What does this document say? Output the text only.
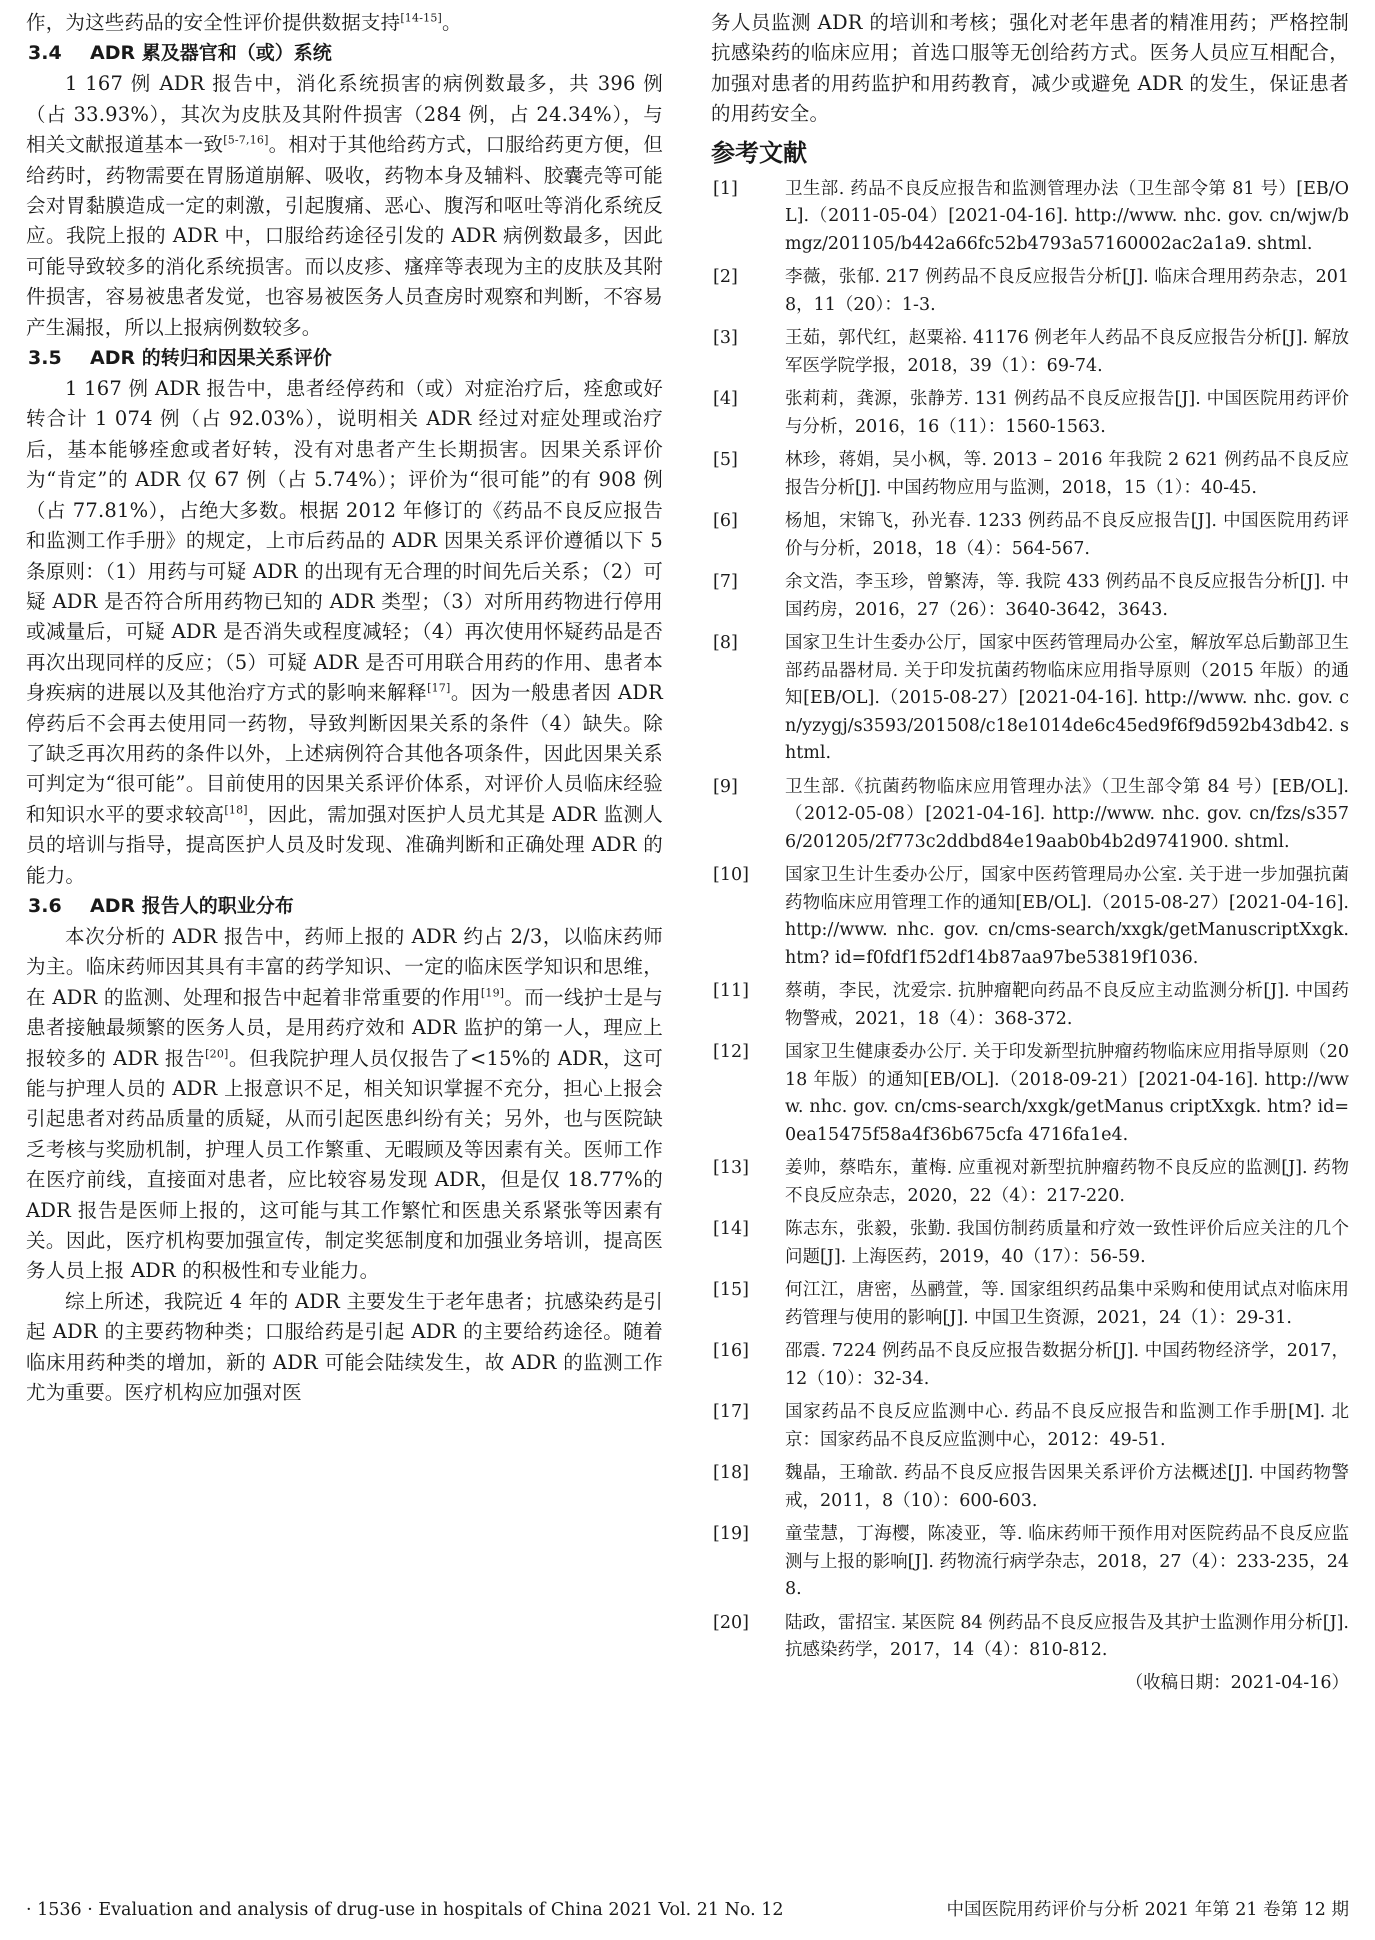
作，为这些药品的安全性评价提供数据支持[14-15]。

3.4 ADR 累及器官和（或）系统

1 167 例 ADR 报告中，消化系统损害的病例数最多，共 396 例（占 33.93%），其次为皮肤及其附件损害（284 例，占 24.34%），与相关文献报道基本一致[5-7,16]。相对于其他给药方式，口服给药更方便，但给药时，药物需要在胃肠道崩解、吸收，药物本身及辅料、胶囊壳等可能会对胃黏膜造成一定的刺激，引起腹痛、恶心、腹泻和呕吐等消化系统反应。我院上报的 ADR 中，口服给药途径引发的 ADR 病例数最多，因此可能导致较多的消化系统损害。而以皮疹、瘙痒等表现为主的皮肤及其附件损害，容易被患者发觉，也容易被医务人员查房时观察和判断，不容易产生漏报，所以上报病例数较多。

3.5 ADR 的转归和因果关系评价

1 167 例 ADR 报告中，患者经停药和（或）对症治疗后，痊愈或好转合计 1 074 例（占 92.03%），说明相关 ADR 经过对症处理或治疗后，基本能够痊愈或者好转，没有对患者产生长期损害。因果关系评价为“肯定”的 ADR 仅 67 例（占 5.74%）；评价为“很可能”的有 908 例（占 77.81%），占绝大多数。根据 2012 年修订的《药品不良反应报告和监测工作手册》的规定，上市后药品的 ADR 因果关系评价遵循以下 5 条原则：（1）用药与可疑 ADR 的出现有无合理的时间先后关系；（2）可疑 ADR 是否符合所用药物已知的 ADR 类型；（3）对所用药物进行停用或减量后，可疑 ADR 是否消失或程度减轻；（4）再次使用怀疑药品是否再次出现同样的反应；（5）可疑 ADR 是否可用联合用药的作用、患者本身疾病的进展以及其他治疗方式的影响来解释[17]。因为一般患者因 ADR 停药后不会再去使用同一药物，导致判断因果关系的条件（4）缺失。除了缺乏再次用药的条件以外，上述病例符合其他各项条件，因此因果关系可判定为“很可能”。目前使用的因果关系评价体系，对评价人员临床经验和知识水平的要求较高[18]，因此，需加强对医护人员尤其是 ADR 监测人员的培训与指导，提高医护人员及时发现、准确判断和正确处理 ADR 的能力。

3.6 ADR 报告人的职业分布

本次分析的 ADR 报告中，药师上报的 ADR 约占 2/3，以临床药师为主。临床药师因其具有丰富的药学知识、一定的临床医学知识和思维，在 ADR 的监测、处理和报告中起着非常重要的作用[19]。而一线护士是与患者接触最频繁的医务人员，是用药疗效和 ADR 监护的第一人，理应上报较多的 ADR 报告[20]。但我院护理人员仅报告了<15%的 ADR，这可能与护理人员的 ADR 上报意识不足，相关知识掌握不充分，担心上报会引起患者对药品质量的质疑，从而引起医患纠纷有关；另外，也与医院缺乏考核与奖励机制，护理人员工作繁重、无暇顾及等因素有关。医师工作在医疗前线，直接面对患者，应比较容易发现 ADR，但是仅 18.77%的 ADR 报告是医师上报的，这可能与其工作繁忙和医患关系紧张等因素有关。因此，医疗机构要加强宣传，制定奖惩制度和加强业务培训，提高医务人员上报 ADR 的积极性和专业能力。

综上所述，我院近 4 年的 ADR 主要发生于老年患者；抗感染药是引起 ADR 的主要药物种类；口服给药是引起 ADR 的主要给药途径。随着临床用药种类的增加，新的 ADR 可能会陆续发生，故 ADR 的监测工作尤为重要。医疗机构应加强对医

务人员监测 ADR 的培训和考核；强化对老年患者的精准用药；严格控制抗感染药的临床应用；首选口服等无创给药方式。医务人员应互相配合，加强对患者的用药监护和用药教育，减少或避免 ADR 的发生，保证患者的用药安全。

参考文献
[1]	卫生部. 药品不良反应报告和监测管理办法（卫生部令第 81 号）[EB/OL].（2011-05-04）[2021-04-16]. http://www. nhc. gov. cn/wjw/bmgz/201105/b442a66fc52b4793a57160002ac2a1a9. shtml.
[2]	李薇，张郁. 217 例药品不良反应报告分析[J]. 临床合理用药杂志，2018，11（20）：1-3.
[3]	王茹，郭代红，赵粟裕. 41176 例老年人药品不良反应报告分析[J]. 解放军医学院学报，2018，39（1）：69-74.
[4]	张莉莉，龚源，张静芳. 131 例药品不良反应报告[J]. 中国医院用药评价与分析，2016，16（11）：1560-1563.
[5]	林珍，蒋娟，吴小枫，等. 2013 – 2016 年我院 2 621 例药品不良反应报告分析[J]. 中国药物应用与监测，2018，15（1）：40-45.
[6]	杨旭，宋锦飞，孙光春. 1233 例药品不良反应报告[J]. 中国医院用药评价与分析，2018，18（4）：564-567.
[7]	余文浩，李玉珍，曾繁涛，等. 我院 433 例药品不良反应报告分析[J]. 中国药房，2016，27（26）：3640-3642，3643.
[8]	国家卫生计生委办公厅，国家中医药管理局办公室，解放军总后勤部卫生部药品器材局. 关于印发抗菌药物临床应用指导原则（2015 年版）的通知[EB/OL].（2015-08-27）[2021-04-16]. http://www. nhc. gov. cn/yzygj/s3593/201508/c18e1014de6c45ed9f6f9d592b43db42. shtml.
[9]	卫生部.《抗菌药物临床应用管理办法》（卫生部令第 84 号）[EB/OL].（2012-05-08）[2021-04-16]. http://www. nhc. gov. cn/fzs/s3576/201205/2f773c2ddbd84e19aab0b4b2d9741900. shtml.
[10]	国家卫生计生委办公厅，国家中医药管理局办公室. 关于进一步加强抗菌药物临床应用管理工作的通知[EB/OL].（2015-08-27）[2021-04-16]. http://www. nhc. gov. cn/cms-search/xxgk/getManuscriptXxgk. htm? id=f0fdf1f52df14b87aa97be53819f1036.
[11]	蔡萌，李民，沈爱宗. 抗肿瘤靶向药品不良反应主动监测分析[J]. 中国药物警戒，2021，18（4）：368-372.
[12]	国家卫生健康委办公厅. 关于印发新型抗肿瘤药物临床应用指导原则（2018 年版）的通知[EB/OL].（2018-09-21）[2021-04-16]. http://www. nhc. gov. cn/cms-search/xxgk/getManus criptXxgk. htm? id=0ea15475f58a4f36b675cfa 4716fa1e4.
[13]	姜帅，蔡晧东，董梅. 应重视对新型抗肿瘤药物不良反应的监测[J]. 药物不良反应杂志，2020，22（4）：217-220.
[14]	陈志东，张毅，张勤. 我国仿制药质量和疗效一致性评价后应关注的几个问题[J]. 上海医药，2019，40（17）：56-59.
[15]	何江江，唐密，丛鹂萱，等. 国家组织药品集中采购和使用试点对临床用药管理与使用的影响[J]. 中国卫生资源，2021，24（1）：29-31.
[16]	邵震. 7224 例药品不良反应报告数据分析[J]. 中国药物经济学，2017，12（10）：32-34.
[17]	国家药品不良反应监测中心. 药品不良反应报告和监测工作手册[M]. 北京：国家药品不良反应监测中心，2012：49-51.
[18]	魏晶，王瑜歆. 药品不良反应报告因果关系评价方法概述[J]. 中国药物警戒，2011，8（10）：600-603.
[19]	童莹慧，丁海樱，陈凌亚，等. 临床药师干预作用对医院药品不良反应监测与上报的影响[J]. 药物流行病学杂志，2018，27（4）：233-235，248.
[20]	陆政，雷招宝. 某医院 84 例药品不良反应报告及其护士监测作用分析[J]. 抗感染药学，2017，14（4）：810-812.
（收稿日期：2021-04-16）
· 1536 · Evaluation and analysis of drug-use in hospitals of China 2021 Vol. 21 No. 12	中国医院用药评价与分析 2021 年第 21 卷第 12 期
